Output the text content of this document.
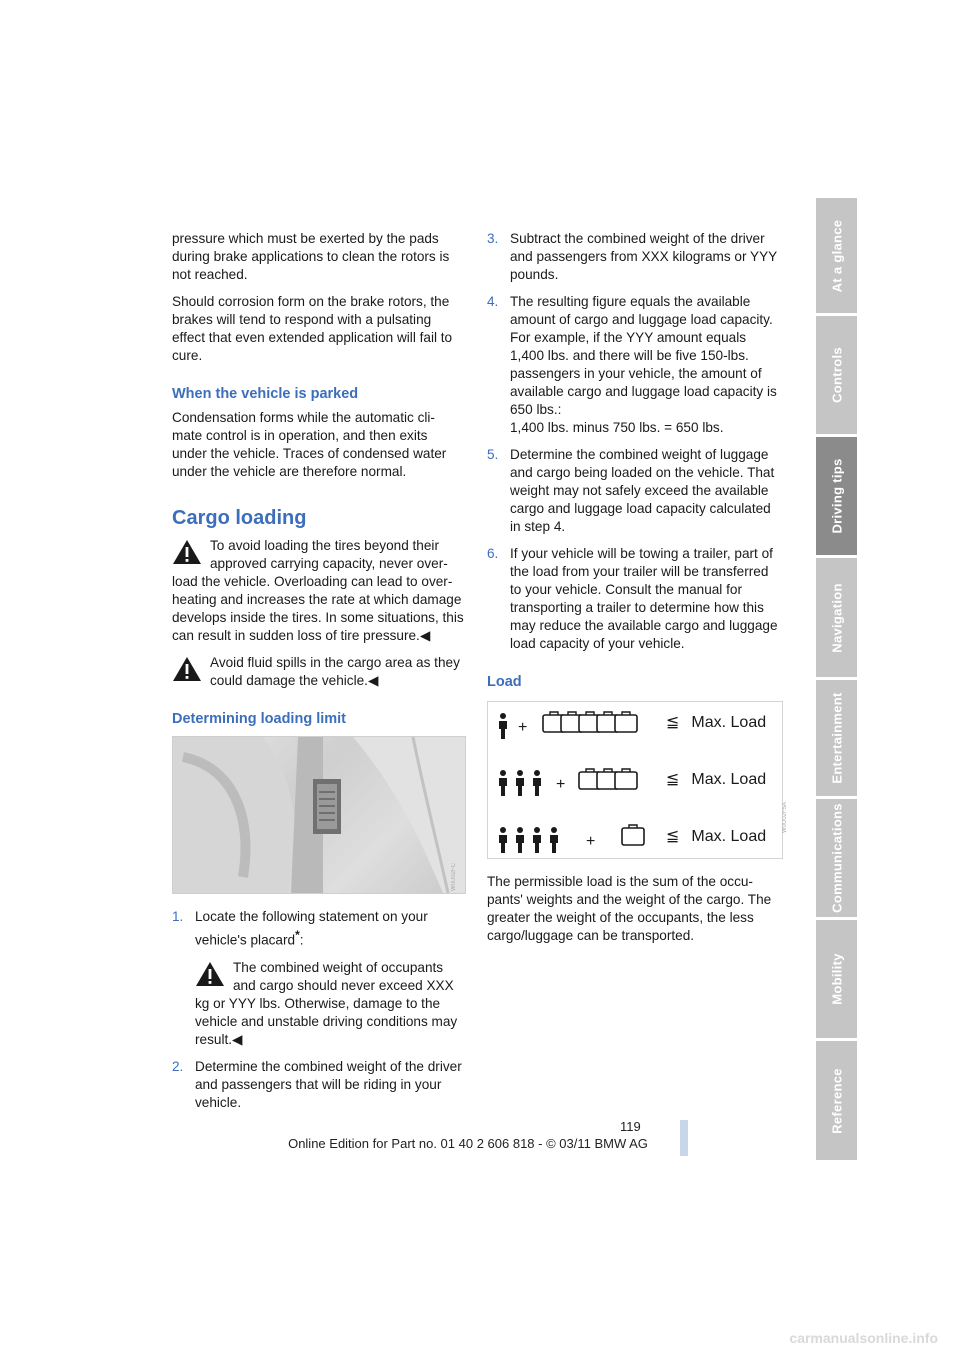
pressure which must be exerted by the pads during brake applications to clean the rotors is not reached.

Should corrosion form on the brake rotors, the brakes will tend to respond with a pulsating effect that even extended application will fail to cure.

When the vehicle is parked

Condensation forms while the automatic cli-mate control is in operation, and then exits under the vehicle. Traces of condensed water under the vehicle are therefore normal.

Cargo loading
To avoid loading the tires beyond their approved carrying capacity, never over-load the vehicle. Overloading can lead to over-heating and increases the rate at which damage develops inside the tires. In some situations, this can result in sudden loss of tire pressure.◀
Avoid fluid spills in the cargo area as they could damage the vehicle.◀
Determining loading limit
W0U02FC
1. Locate the following statement on your vehicle's placard*:
The combined weight of occupants and cargo should never exceed XXX kg or YYY lbs. Otherwise, damage to the vehicle and unstable driving conditions may result.◀
2. Determine the combined weight of the driver and passengers that will be riding in your vehicle.
3. Subtract the combined weight of the driver and passengers from XXX kilograms or YYY pounds.
4. The resulting figure equals the available amount of cargo and luggage load capacity. For example, if the YYY amount equals 1,400 lbs. and there will be five 150-lbs. passengers in your vehicle, the amount of available cargo and luggage load capacity is 650 lbs.:
1,400 lbs. minus 750 lbs. = 650 lbs.
5. Determine the combined weight of luggage and cargo being loaded on the vehicle. That weight may not safely exceed the available cargo and luggage load capacity calculated in step 4.
6. If your vehicle will be towing a trailer, part of the load from your trailer will be transferred to your vehicle. Consult the manual for transporting a trailer to determine how this may reduce the available cargo and luggage load capacity of your vehicle.
Load
+
+
+
≦ Max. Load
≦ Max. Load
≦ Max. Load
W0U02F5A

The permissible load is the sum of the occu-pants' weights and the weight of the cargo. The greater the weight of the occupants, the less cargo/luggage can be transported.

At a glance
Controls
Driving tips
Navigation
Entertainment
Communications
Mobility
Reference
119
Online Edition for Part no. 01 40 2 606 818 - © 03/11 BMW AG
carmanualsonline.info
